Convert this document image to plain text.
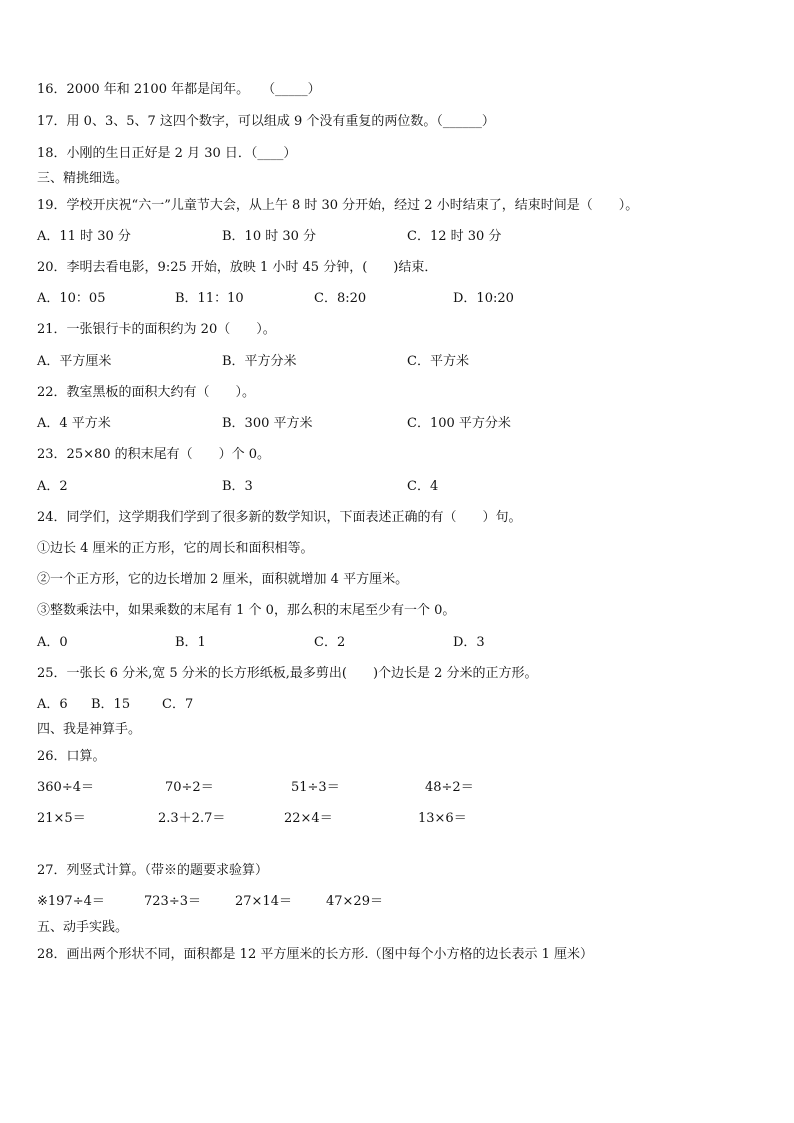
16．2000 年和 2100 年都是闰年。　　（_____）
17．用 0、3、5、7 这四个数字，可以组成 9 个没有重复的两位数。（______）
18．小刚的生日正好是 2 月 30 日．（____）
三、精挑细选。
19．学校开庆祝“六一”儿童节大会，从上午 8 时 30 分开始，经过 2 小时结束了，结束时间是（　　）。
A．11 时 30 分	B．10 时 30 分	C．12 时 30 分
20．李明去看电影，9:25 开始，放映 1 小时 45 分钟，(　　)结束．
A．10：05	B．11：10	C．8:20	D．10:20
21．一张银行卡的面积约为 20（　　）。
A．平方厘米	B．平方分米	C．平方米
22．教室黑板的面积大约有（　　）。
A．4 平方米	B．300 平方米	C．100 平方分米
23．25×80 的积末尾有（　　）个 0。
A．2	B．3	C．4
24．同学们，这学期我们学到了很多新的数学知识，下面表述正确的有（　　）句。
①边长 4 厘米的正方形，它的周长和面积相等。
②一个正方形，它的边长增加 2 厘米，面积就增加 4 平方厘米。
③整数乘法中，如果乘数的末尾有 1 个 0，那么积的末尾至少有一个 0。
A．0	B．1	C．2	D．3
25．一张长 6 分米,宽 5 分米的长方形纸板,最多剪出(　　)个边长是 2 分米的正方形。
A．6 B．15 C．7
四、我是神算手。
26．口算。
360÷4＝	70÷2＝	51÷3＝	48÷2＝
21×5＝	2.3＋2.7＝	22×4＝	13×6＝
27．列竖式计算。（带※的题要求验算）
※197÷4＝	723÷3＝	27×14＝	47×29＝
五、动手实践。
28．画出两个形状不同，面积都是 12 平方厘米的长方形.（图中每个小方格的边长表示 1 厘米）
